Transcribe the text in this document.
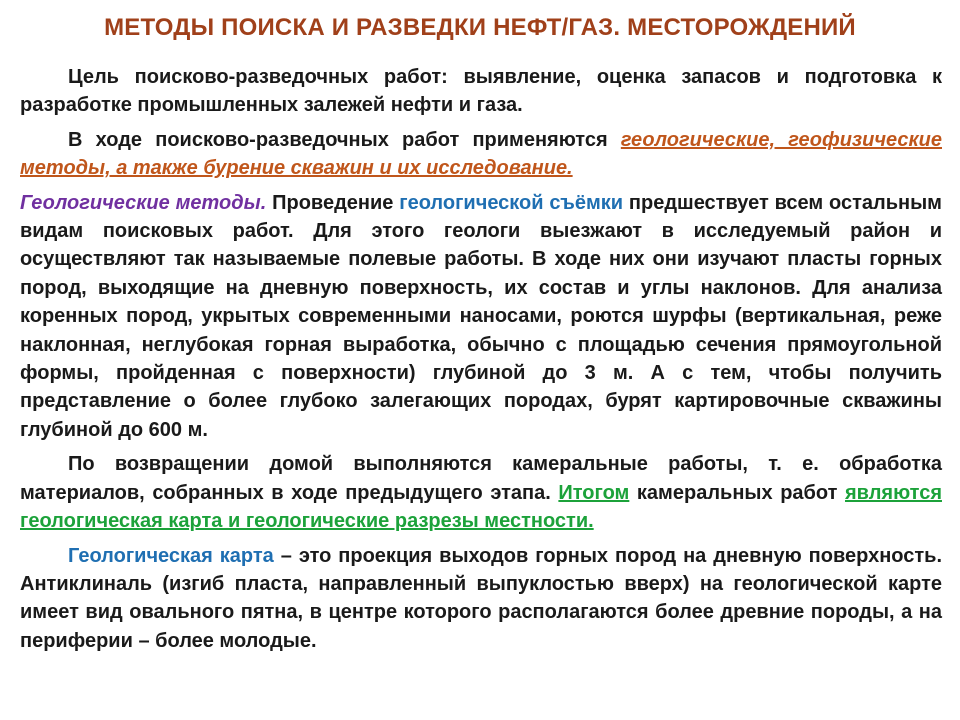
МЕТОДЫ ПОИСКА И РАЗВЕДКИ НЕФТ/ГАЗ. МЕСТОРОЖДЕНИЙ

Цель поисково-разведочных работ: выявление, оценка запасов и подготовка к разработке промышленных залежей нефти и газа.

В ходе поисково-разведочных работ применяются геологические, геофизические методы, а также бурение скважин и их исследование.

Геологические методы. Проведение геологической съёмки предшествует всем остальным видам поисковых работ. Для этого геологи выезжают в исследуемый район и осуществляют так называемые полевые работы. В ходе них они изучают пласты горных пород, выходящие на дневную поверхность, их состав и углы наклонов. Для анализа коренных пород, укрытых современными наносами, роются шурфы (вертикальная, реже наклонная, неглубокая горная выработка, обычно с площадью сечения прямоугольной формы, пройденная с поверхности) глубиной до 3 м. А с тем, чтобы получить представление о более глубоко залегающих породах, бурят картировочные скважины глубиной до 600 м.

По возвращении домой выполняются камеральные работы, т. е. обработка материалов, собранных в ходе предыдущего этапа. Итогом камеральных работ являются геологическая карта и геологические разрезы местности.

Геологическая карта – это проекция выходов горных пород на дневную поверхность. Антиклиналь (изгиб пласта, направленный выпуклостью вверх) на геологической карте имеет вид овального пятна, в центре которого располагаются более древние породы, а на периферии – более молодые.
